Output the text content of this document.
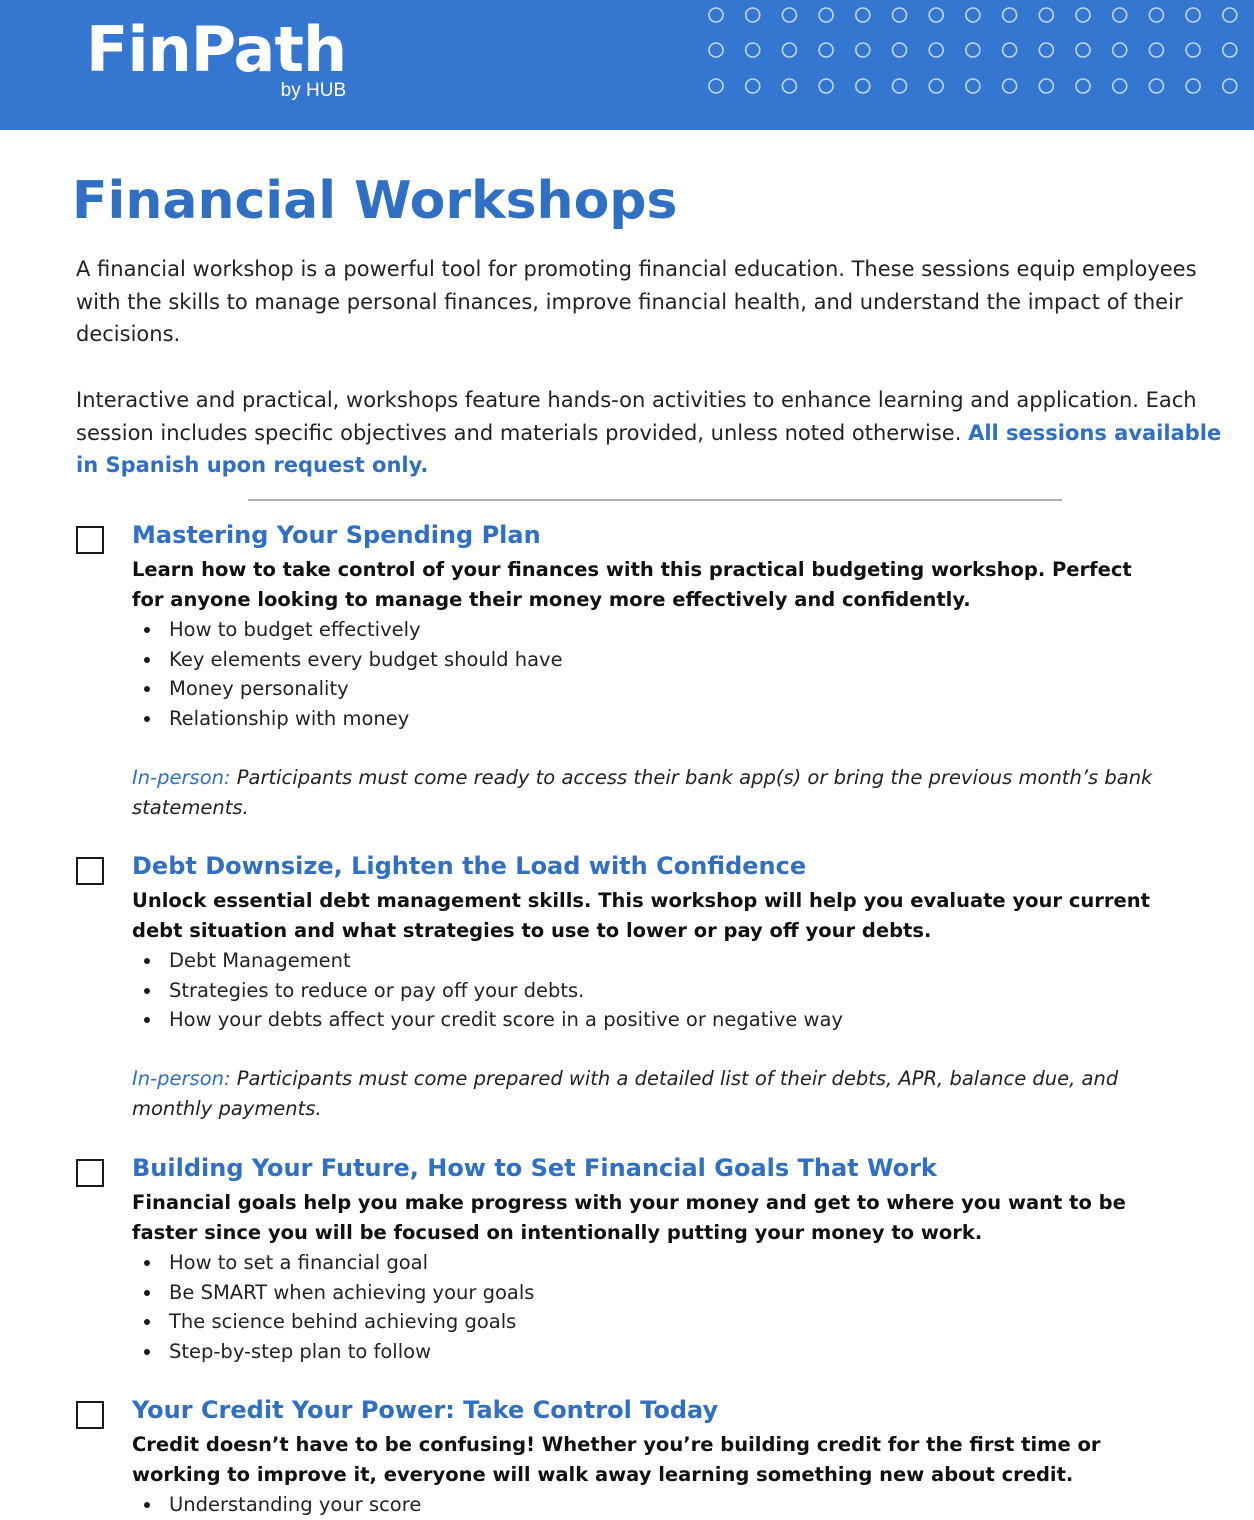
FinPath
by HUB
Financial Workshops

A financial workshop is a powerful tool for promoting financial education. These sessions equip employees with the skills to manage personal finances, improve financial health, and understand the impact of their decisions.

Interactive and practical, workshops feature hands-on activities to enhance learning and application. Each session includes specific objectives and materials provided, unless noted otherwise. All sessions available in Spanish upon request only.

Mastering Your Spending Plan

Learn how to take control of your finances with this practical budgeting workshop. Perfect for anyone looking to manage their money more effectively and confidently.

How to budget effectively
Key elements every budget should have
Money personality
Relationship with money

In-person: Participants must come ready to access their bank app(s) or bring the previous month’s bank statements.

Debt Downsize, Lighten the Load with Confidence

Unlock essential debt management skills. This workshop will help you evaluate your current debt situation and what strategies to use to lower or pay off your debts.

Debt Management
Strategies to reduce or pay off your debts.
How your debts affect your credit score in a positive or negative way

In-person: Participants must come prepared with a detailed list of their debts, APR, balance due, and monthly payments.

Building Your Future, How to Set Financial Goals That Work

Financial goals help you make progress with your money and get to where you want to be faster since you will be focused on intentionally putting your money to work.

How to set a financial goal
Be SMART when achieving your goals
The science behind achieving goals
Step-by-step plan to follow
Your Credit Your Power: Take Control Today

Credit doesn’t have to be confusing! Whether you’re building credit for the first time or working to improve it, everyone will walk away learning something new about credit.

Understanding your score
